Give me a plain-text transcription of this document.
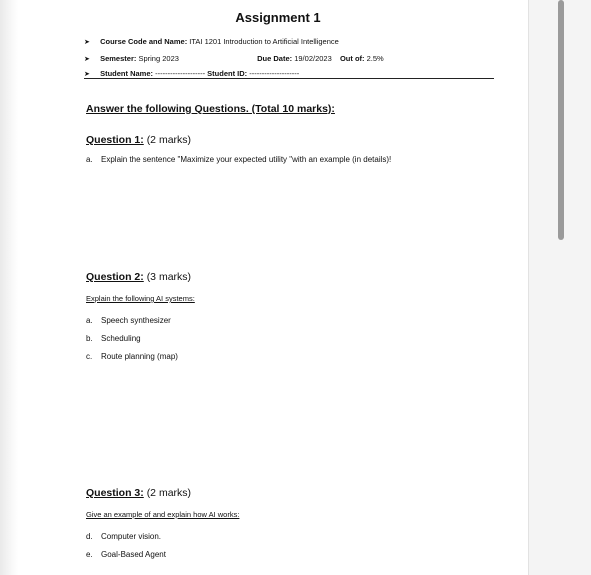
Assignment 1
➤ Course Code and Name: ITAI 1201 Introduction to Artificial Intelligence
➤ Semester: Spring 2023	Due Date: 19/02/2023 Out of: 2.5%
➤ Student Name: -------------------- Student ID: --------------------
Answer the following Questions. (Total 10 marks):
Question 1: (2 marks)
a. Explain the sentence "Maximize your expected utility "with an example (in details)!
Question 2: (3 marks)
Explain the following AI systems:
a. Speech synthesizer
b. Scheduling
c. Route planning (map)
Question 3: (2 marks)
Give an example of and explain how AI works:
d. Computer vision.
e. Goal-Based Agent
